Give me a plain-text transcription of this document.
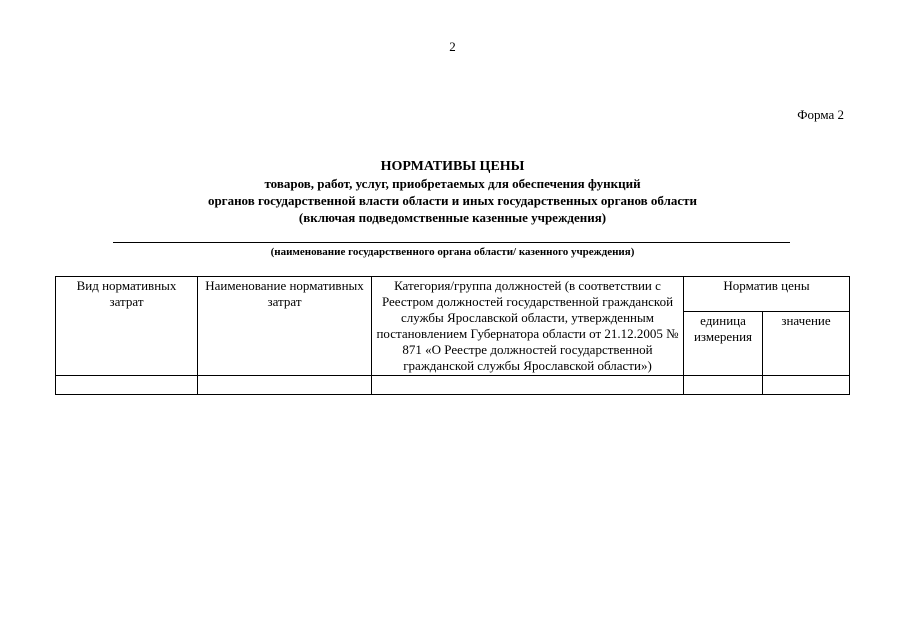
2
Форма 2
НОРМАТИВЫ ЦЕНЫ
товаров, работ, услуг, приобретаемых для обеспечения функций
органов государственной власти области и иных государственных органов области
(включая подведомственные казенные учреждения)
(наименование государственного органа области/ казенного учреждения)
Вид нормативных затрат	Наименование нормативных затрат	Категория/группа должностей (в соответствии с Реестром должностей государственной гражданской службы Ярославской области, утвержденным постановлением Губернатора области от 21.12.2005 № 871 «О Реестре должностей государственной гражданской службы Ярославской области»)	Норматив цены	
			единица измерения	значение
